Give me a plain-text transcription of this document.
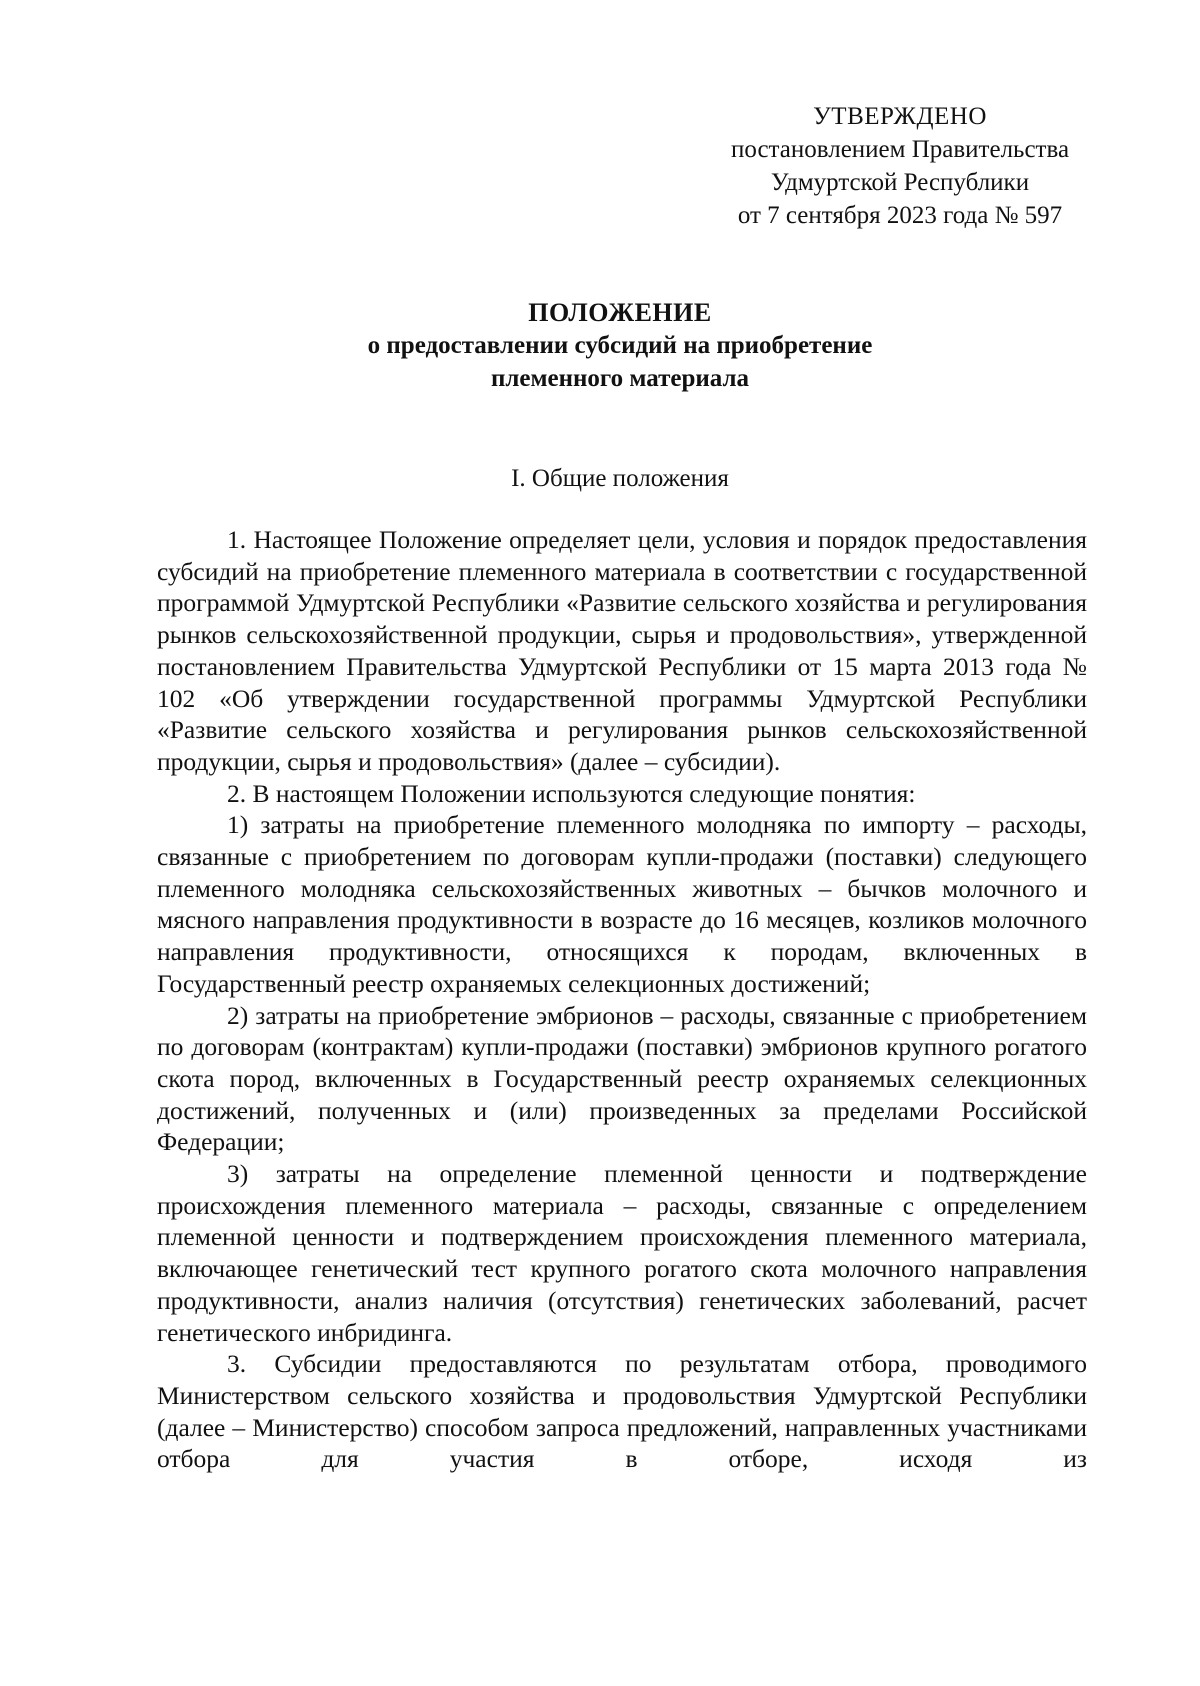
УТВЕРЖДЕНО
постановлением Правительства
Удмуртской Республики
от 7 сентября 2023 года № 597
ПОЛОЖЕНИЕ
о предоставлении субсидий на приобретение
племенного материала
I. Общие положения

1. Настоящее Положение определяет цели, условия и порядок предоставления субсидий на приобретение племенного материала в соответствии с государственной программой Удмуртской Республики «Развитие сельского хозяйства и регулирования рынков сельскохозяйственной продукции, сырья и продовольствия», утвержденной постановлением Правительства Удмуртской Республики от 15 марта 2013 года № 102 «Об утверждении государственной программы Удмуртской Республики «Развитие сельского хозяйства и регулирования рынков сельскохозяйственной продукции, сырья и продовольствия» (далее – субсидии).

2. В настоящем Положении используются следующие понятия:

1) затраты на приобретение племенного молодняка по импорту – расходы, связанные с приобретением по договорам купли-продажи (поставки) следующего племенного молодняка сельскохозяйственных животных – бычков молочного и мясного направления продуктивности в возрасте до 16 месяцев, козликов молочного направления продуктивности, относящихся к породам, включенных в Государственный реестр охраняемых селекционных достижений;

2) затраты на приобретение эмбрионов – расходы, связанные с приобретением по договорам (контрактам) купли-продажи (поставки) эмбрионов крупного рогатого скота пород, включенных в Государственный реестр охраняемых селекционных достижений, полученных и (или) произведенных за пределами Российской Федерации;

3) затраты на определение племенной ценности и подтверждение происхождения племенного материала – расходы, связанные с определением племенной ценности и подтверждением происхождения племенного материала, включающее генетический тест крупного рогатого скота молочного направления продуктивности, анализ наличия (отсутствия) генетических заболеваний, расчет генетического инбридинга.

3. Субсидии предоставляются по результатам отбора, проводимого Министерством сельского хозяйства и продовольствия Удмуртской Республики (далее – Министерство) способом запроса предложений, направленных участниками отбора для участия в отборе, исходя из
